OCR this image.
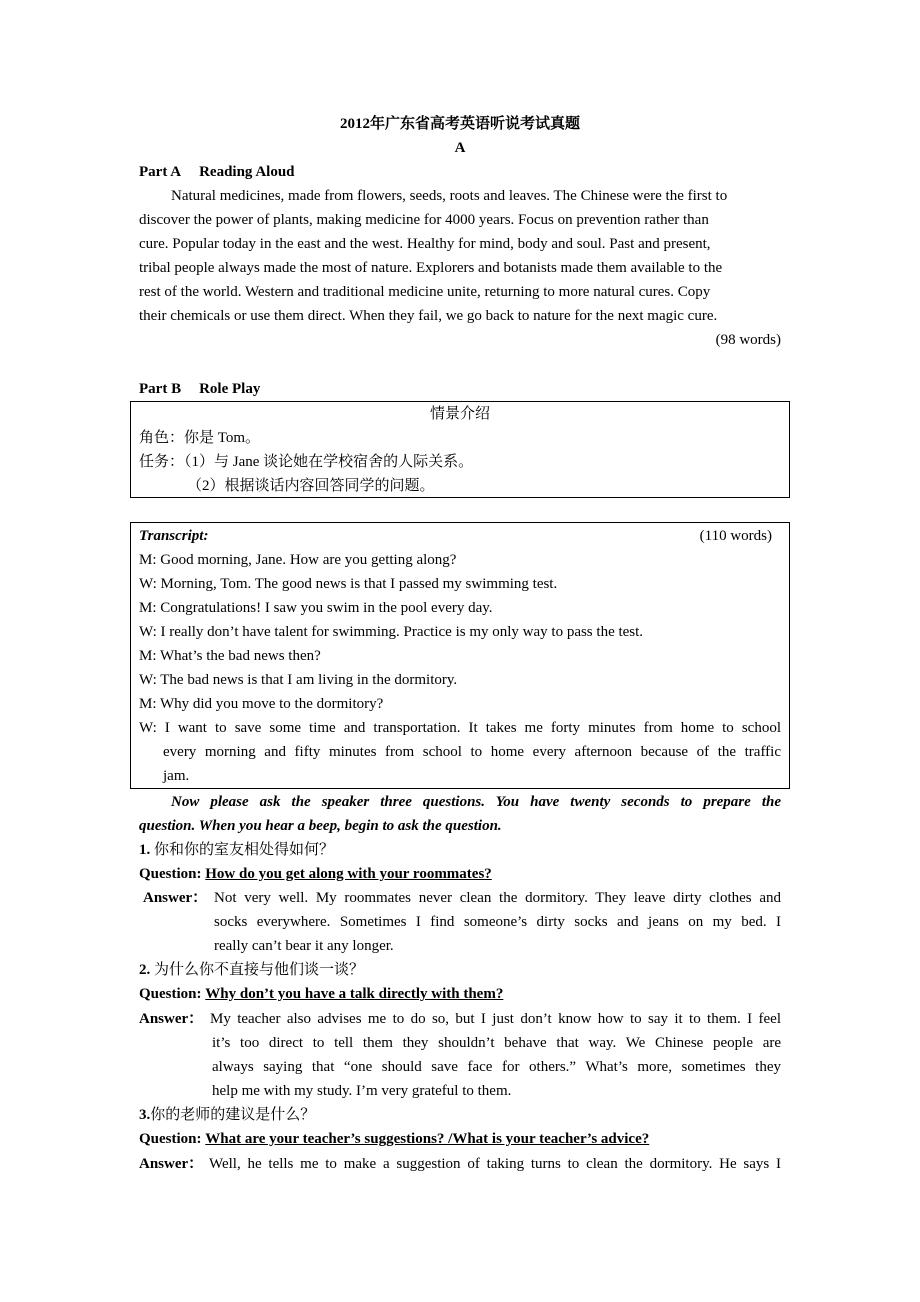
2012年广东省高考英语听说考试真题
A
Part A Reading Aloud
Natural medicines, made from flowers, seeds, roots and leaves. The Chinese were the first to
discover the power of plants, making medicine for 4000 years. Focus on prevention rather than
cure. Popular today in the east and the west. Healthy for mind, body and soul. Past and present,
tribal people always made the most of nature. Explorers and botanists made them available to the
rest of the world. Western and traditional medicine unite, returning to more natural cures. Copy
their chemicals or use them direct. When they fail, we go back to nature for the next magic cure.
(98 words)
Part B Role Play
情景介绍
角色：你是 Tom。
任务：（1）与 Jane 谈论她在学校宿舍的人际关系。
（2）根据谈话内容回答同学的问题。
Transcript:	(110 words)
M: Good morning, Jane. How are you getting along?
W: Morning, Tom. The good news is that I passed my swimming test.
M: Congratulations! I saw you swim in the pool every day.
W: I really don’t have talent for swimming. Practice is my only way to pass the test.
M: What’s the bad news then?
W: The bad news is that I am living in the dormitory.
M: Why did you move to the dormitory?
W: I want to save some time and transportation. It takes me forty minutes from home to school
every morning and fifty minutes from school to home every afternoon because of the traffic
jam.
Now please ask the speaker three questions. You have twenty seconds to prepare the
question. When you hear a beep, begin to ask the question.
1. 你和你的室友相处得如何？
Question: How do you get along with your roommates?
Answer： Not very well. My roommates never clean the dormitory. They leave dirty clothes and
socks everywhere. Sometimes I find someone’s dirty socks and jeans on my bed. I
really can’t bear it any longer.
2. 为什么你不直接与他们谈一谈？
Question: Why don’t you have a talk directly with them?
Answer： My teacher also advises me to do so, but I just don’t know how to say it to them. I feel
it’s too direct to tell them they shouldn’t behave that way. We Chinese people are
always saying that “one should save face for others.” What’s more, sometimes they
help me with my study. I’m very grateful to them.
3.你的老师的建议是什么？
Question: What are your teacher’s suggestions? /What is your teacher’s advice?
Answer： Well, he tells me to make a suggestion of taking turns to clean the dormitory. He says I
